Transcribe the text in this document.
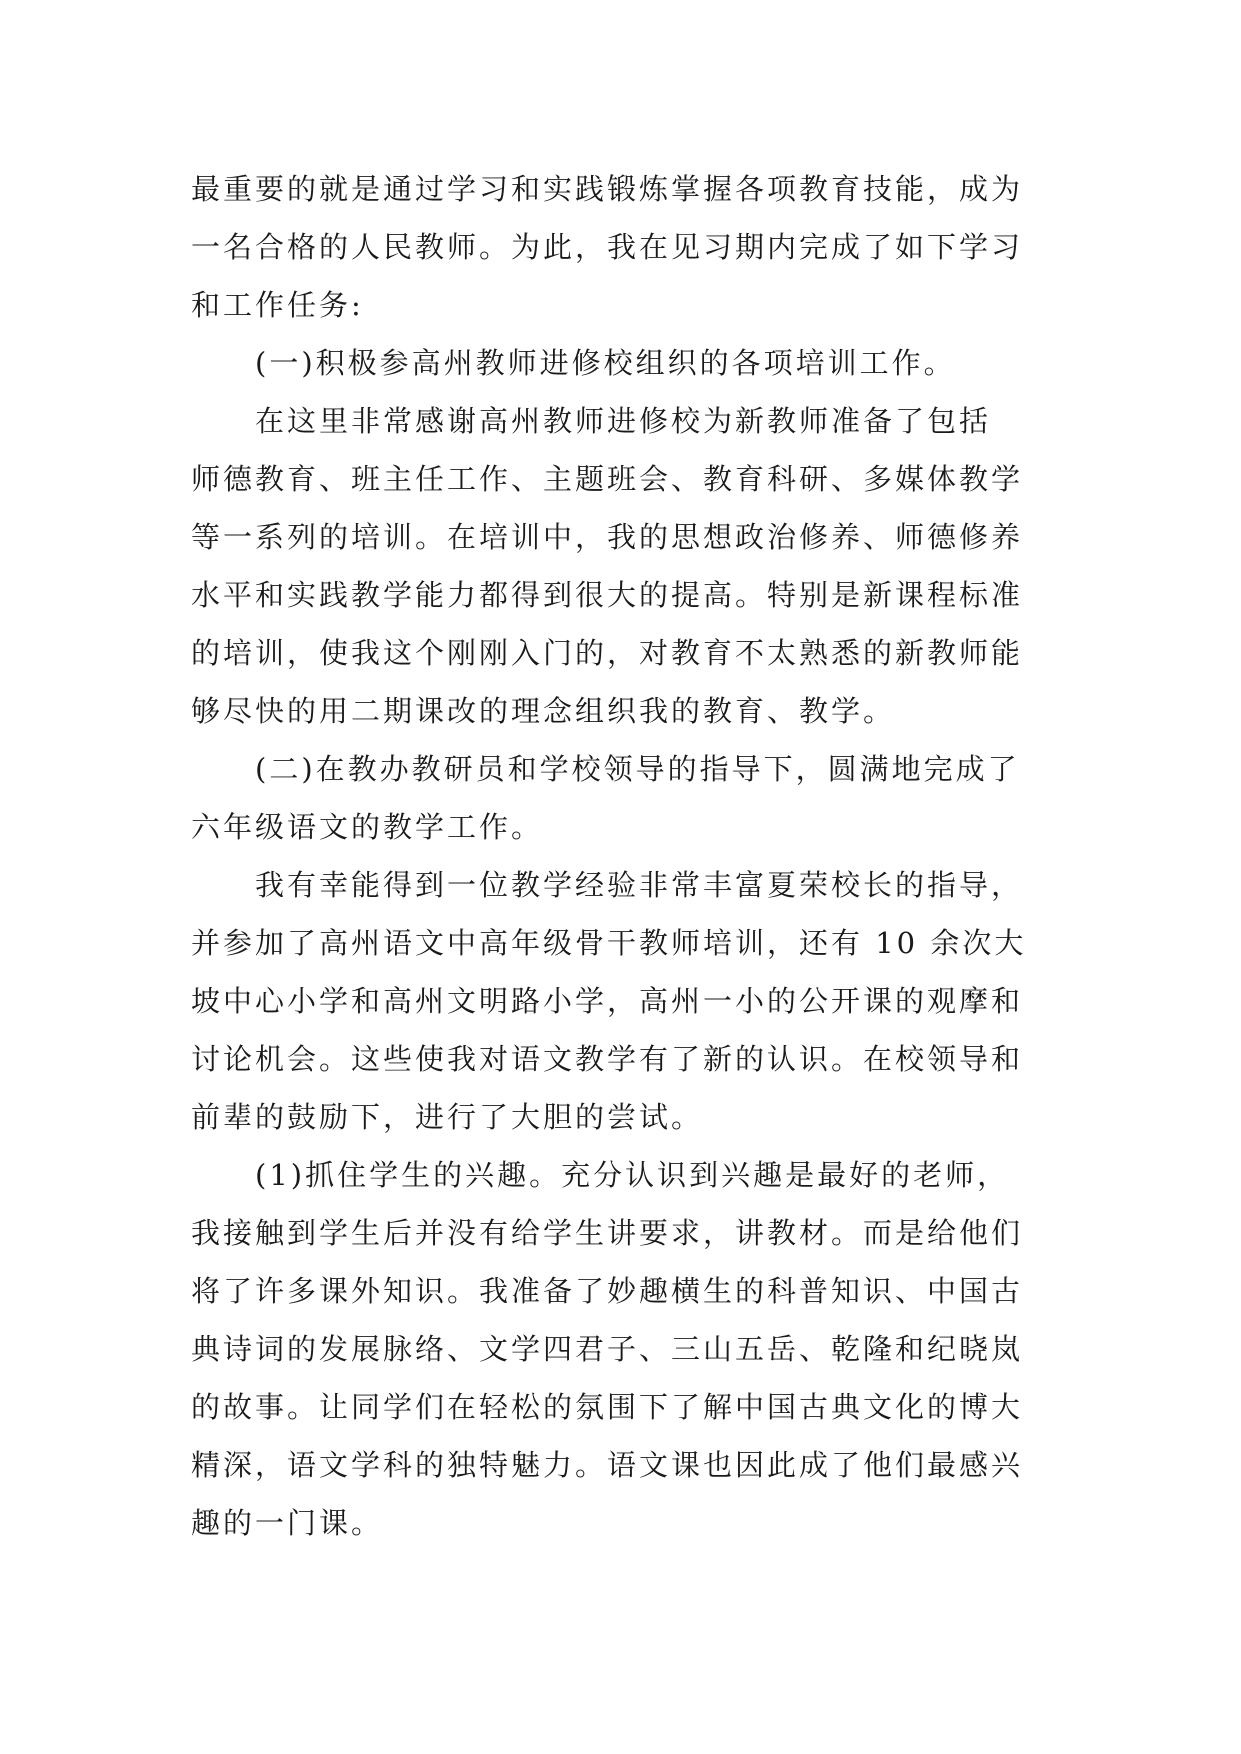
最重要的就是通过学习和实践锻炼掌握各项教育技能，成为
一名合格的人民教师。为此，我在见习期内完成了如下学习
和工作任务:
(一)积极参高州教师进修校组织的各项培训工作。
在这里非常感谢高州教师进修校为新教师准备了包括
师德教育、班主任工作、主题班会、教育科研、多媒体教学
等一系列的培训。在培训中，我的思想政治修养、师德修养
水平和实践教学能力都得到很大的提高。特别是新课程标准
的培训，使我这个刚刚入门的，对教育不太熟悉的新教师能
够尽快的用二期课改的理念组织我的教育、教学。
(二)在教办教研员和学校领导的指导下，圆满地完成了
六年级语文的教学工作。
我有幸能得到一位教学经验非常丰富夏荣校长的指导，
并参加了高州语文中高年级骨干教师培训，还有 10 余次大
坡中心小学和高州文明路小学，高州一小的公开课的观摩和
讨论机会。这些使我对语文教学有了新的认识。在校领导和
前辈的鼓励下，进行了大胆的尝试。
(1)抓住学生的兴趣。充分认识到兴趣是最好的老师，
我接触到学生后并没有给学生讲要求，讲教材。而是给他们
将了许多课外知识。我准备了妙趣横生的科普知识、中国古
典诗词的发展脉络、文学四君子、三山五岳、乾隆和纪晓岚
的故事。让同学们在轻松的氛围下了解中国古典文化的博大
精深，语文学科的独特魅力。语文课也因此成了他们最感兴
趣的一门课。
